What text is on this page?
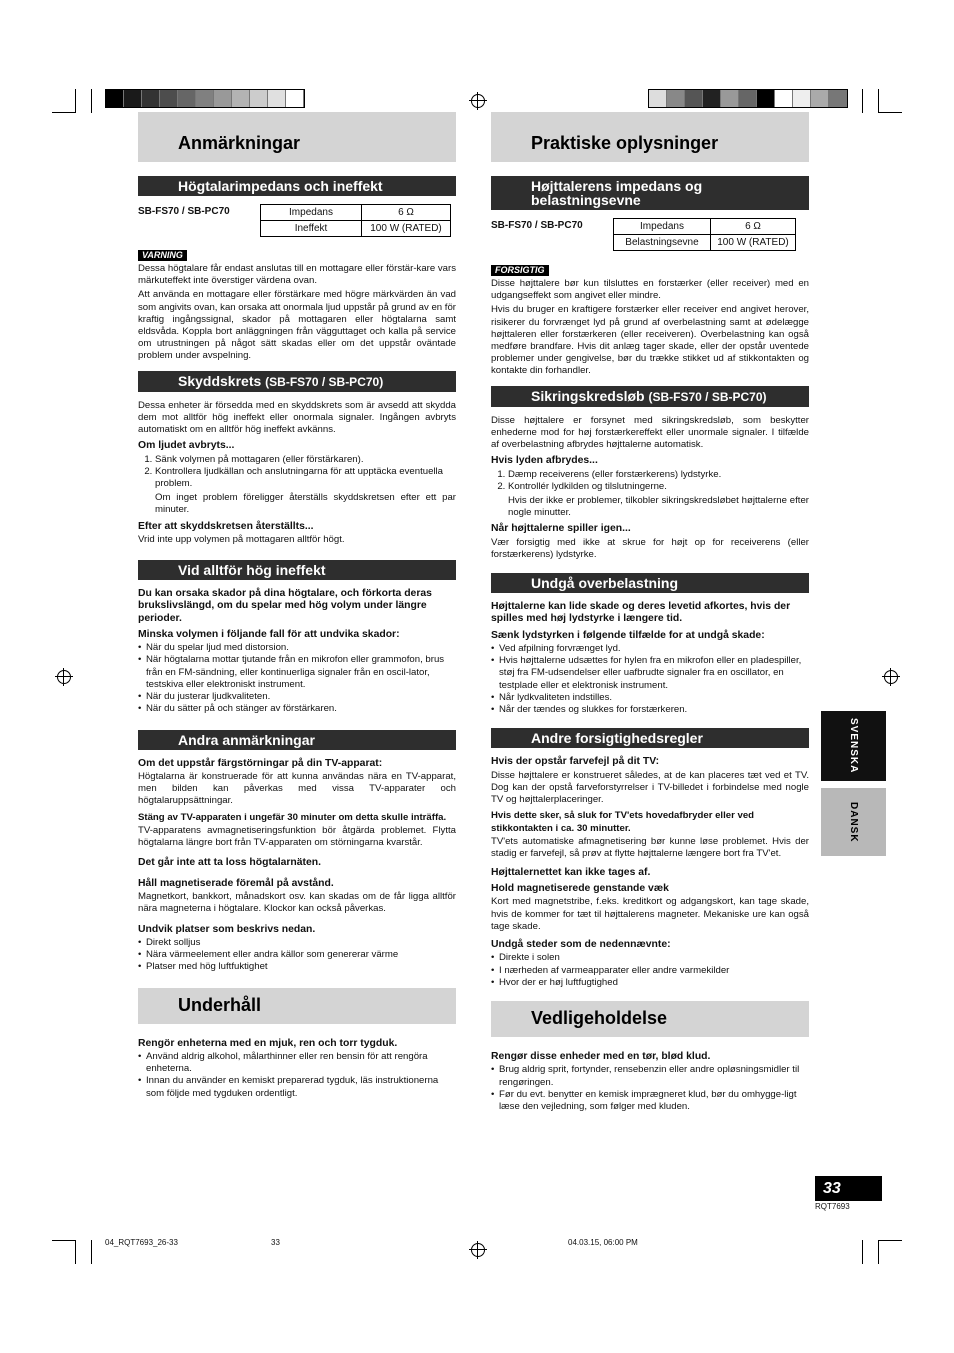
Anmärkningar
Högtalarimpedans och ineffekt
SB-FS70 / SB-PC70	Impedans	6 Ω
Ineffekt	100 W (RATED)
VARNING

Dessa högtalare får endast anslutas till en mottagare eller förstär-kare vars märkuteffekt inte överstiger värdena ovan.

Att använda en mottagare eller förstärkare med högre märkvärden än vad som angivits ovan, kan orsaka att onormala ljud uppstår på grund av en för kraftig ingångssignal, skador på mottagaren eller högtalarna samt eldsvåda. Koppla bort anläggningen från vägguttaget och kalla på service om utrustningen på något sätt skadas eller om det uppstår oväntade problem under avspelning.

Skyddskrets (SB-FS70 / SB-PC70)

Dessa enheter är försedda med en skyddskrets som är avsedd att skydda dem mot alltför hög ineffekt eller onormala signaler. Ingången avbryts automatiskt om en alltför hög ineffekt avkänns.

Om ljudet avbryts...
1. Sänk volymen på mottagaren (eller förstärkaren).
2. Kontrollera ljudkällan och anslutningarna för att upptäcka eventuella problem.

Om inget problem föreligger återställs skyddskretsen efter ett par minuter.

Efter att skyddskretsen återställts...

Vrid inte upp volymen på mottagaren alltför högt.

Vid alltför hög ineffekt
Du kan orsaka skador på dina högtalare, och förkorta deras brukslivslängd, om du spelar med hög volym under längre perioder.
Minska volymen i följande fall för att undvika skador:
• När du spelar ljud med distorsion.
• När högtalarna mottar tjutande från en mikrofon eller grammofon, brus från en FM-sändning, eller kontinuerliga signaler från en oscil-lator, testskiva eller elektroniskt instrument.
• När du justerar ljudkvaliteten.
• När du sätter på och stänger av förstärkaren.
Andra anmärkningar
Om det uppstår färgstörningar på din TV-apparat:

Högtalarna är konstruerade för att kunna användas nära en TV-apparat, men bilden kan påverkas med vissa TV-apparater och högtalaruppsättningar.

Stäng av TV-apparaten i ungefär 30 minuter om detta skulle inträffa.

TV-apparatens avmagnetiseringsfunktion bör åtgärda problemet. Flytta högtalarna längre bort från TV-apparaten om störningarna kvarstår.

Det går inte att ta loss högtalarnäten.
Håll magnetiserade föremål på avstånd.

Magnetkort, bankkort, månadskort osv. kan skadas om de får ligga alltför nära magneterna i högtalare. Klockor kan också påverkas.

Undvik platser som beskrivs nedan.
• Direkt solljus
• Nära värmeelement eller andra källor som genererar värme
• Platser med hög luftfuktighet
Underhåll
Rengör enheterna med en mjuk, ren och torr tygduk.
• Använd aldrig alkohol, målarthinner eller ren bensin för att rengöra enheterna.
• Innan du använder en kemiskt preparerad tygduk, läs instruktionerna som följde med tygduken ordentligt.
Praktiske oplysninger
Højttalerens impedans og belastningsevne
SB-FS70 / SB-PC70	Impedans	6 Ω
Belastningsevne	100 W (RATED)
FORSIGTIG

Disse højttalere bør kun tilsluttes en forstærker (eller receiver) med en udgangseffekt som angivet eller mindre.

Hvis du bruger en kraftigere forstærker eller receiver end angivet herover, risikerer du forvrænget lyd på grund af overbelastning samt at ødelægge højttaleren eller forstærkeren (eller receiveren). Overbelastning kan også medføre brandfare. Hvis dit anlæg tager skade, eller der opstår uventede problemer under gengivelse, bør du trække stikket ud af stikkontakten og kontakte din forhandler.

Sikringskredsløb (SB-FS70 / SB-PC70)

Disse højttalere er forsynet med sikringskredsløb, som beskytter enhederne mod for høj forstærkereffekt eller unormale signaler. I tilfælde af overbelastning afbrydes højttalerne automatisk.

Hvis lyden afbrydes...
1. Dæmp receiverens (eller forstærkerens) lydstyrke.
2. Kontrollér lydkilden og tilslutningerne.

Hvis der ikke er problemer, tilkobler sikringskredsløbet højttalerne efter nogle minutter.

Når højttalerne spiller igen...

Vær forsigtig med ikke at skrue for højt op for receiverens (eller forstærkerens) lydstyrke.

Undgå overbelastning
Højttalerne kan lide skade og deres levetid afkortes, hvis der spilles med høj lydstyrke i længere tid.
Sænk lydstyrken i følgende tilfælde for at undgå skade:
• Ved afpilning forvrænget lyd.
• Hvis højttalerne udsættes for hylen fra en mikrofon eller en pladespiller, støj fra FM-udsendelser eller uafbrudte signaler fra en oscillator, en testplade eller et elektronisk instrument.
• Når lydkvaliteten indstilles.
• Når der tændes og slukkes for forstærkeren.
Andre forsigtighedsregler
Hvis der opstår farvefejl på dit TV:

Disse højttalere er konstrueret således, at de kan placeres tæt ved et TV. Dog kan der opstå farveforstyrrelser i TV-billedet i forbindelse med nogle TV og højttalerplaceringer.

Hvis dette sker, så sluk for TV'ets hovedafbryder eller ved stikkontakten i ca. 30 minutter.

TV'ets automatiske afmagnetisering bør kunne løse problemet. Hvis der stadig er farvefejl, så prøv at flytte højttalerne længere bort fra TV'et.

Højttalernettet kan ikke tages af.
Hold magnetiserede genstande væk

Kort med magnetstribe, f.eks. kreditkort og adgangskort, kan tage skade, hvis de kommer for tæt til højttalerens magneter. Mekaniske ure kan også tage skade.

Undgå steder som de nedennævnte:
• Direkte i solen
• I nærheden af varmeapparater eller andre varmekilder
• Hvor der er høj luftfugtighed
Vedligeholdelse
Rengør disse enheder med en tør, blød klud.
• Brug aldrig sprit, fortynder, rensebenzin eller andre opløsningsmidler til rengøringen.
• Før du evt. benytter en kemisk imprægneret klud, bør du omhygge-ligt læse den vejledning, som følger med kluden.
SVENSKA
DANSK
33
RQT7693
04_RQT7693_26-33	33	04.03.15, 06:00 PM
